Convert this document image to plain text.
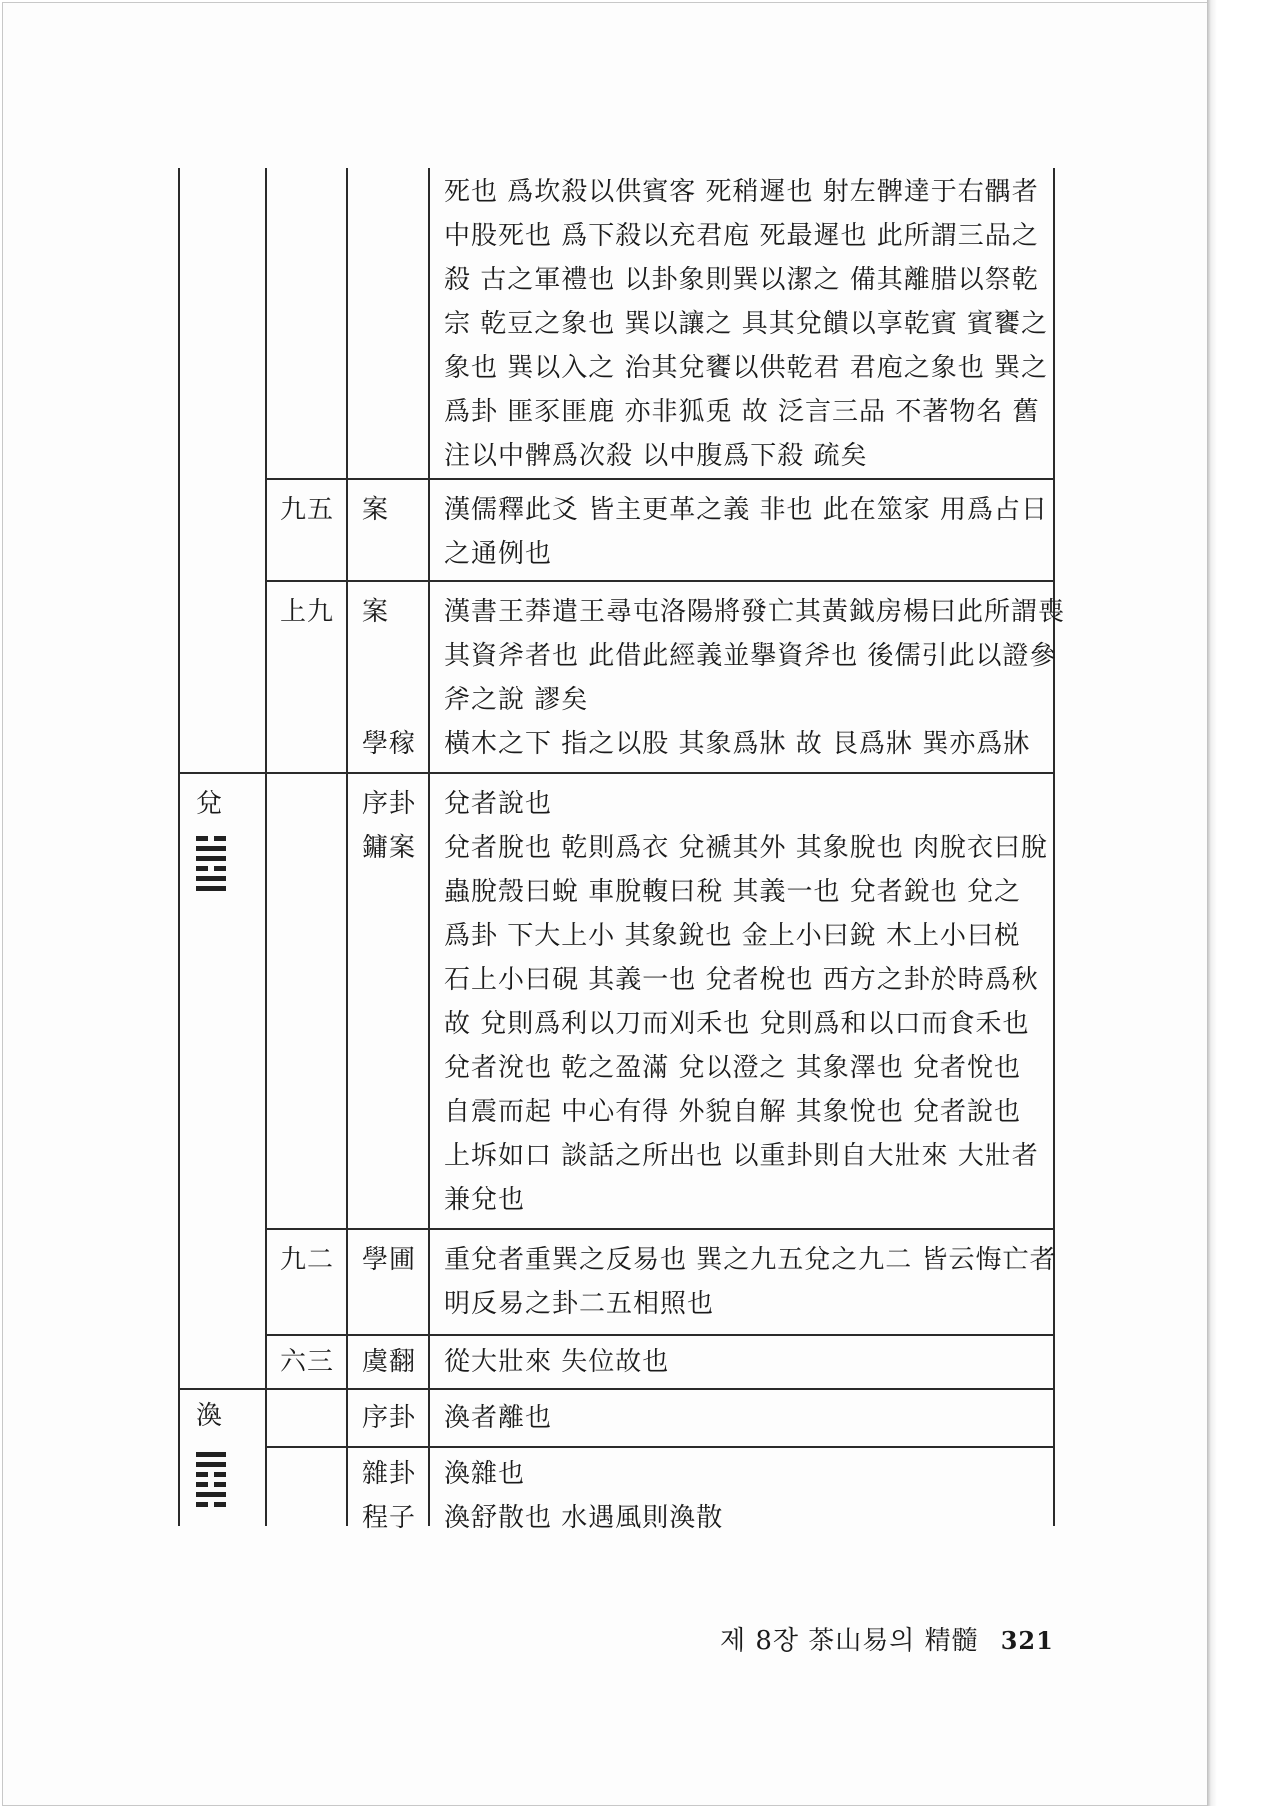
死也 爲坎殺以供賓客 死稍遲也 射左髀達于右髃者
中股死也 爲下殺以充君庖 死最遲也 此所謂三品之
殺 古之軍禮也 以卦象則巽以潔之 備其離腊以祭乾
宗 乾豆之象也 巽以讓之 具其兌饋以享乾賓 賓饔之
象也 巽以入之 治其兌饔以供乾君 君庖之象也 巽之
爲卦 匪豕匪鹿 亦非狐兎 故 泛言三品 不著物名 舊
注以中髀爲次殺 以中腹爲下殺 疏矣
九五 案 漢儒釋此爻 皆主更革之義 非也 此在筮家 用爲占日
之通例也
上九 案 漢書王莽遣王尋屯洛陽將發亡其黃鉞房楊曰此所謂喪
其資斧者也 此借此經義並擧資斧也 後儒引此以證參
斧之說 謬矣
學稼 橫木之下 指之以股 其象爲牀 故 艮爲牀 巽亦爲牀
兌	序卦
鏞案
兌者說也
兌者脫也 乾則爲衣 兌褫其外 其象脫也 肉脫衣曰脫
蟲脫殼曰蛻 車脫輹曰稅 其義一也 兌者銳也 兌之
爲卦 下大上小 其象銳也 金上小曰銳 木上小曰棁
石上小曰硯 其義一也 兌者梲也 西方之卦於時爲秋
故 兌則爲利以刀而刈禾也 兌則爲和以口而食禾也
兌者涗也 乾之盈滿 兌以澄之 其象澤也 兌者悅也
自震而起 中心有得 外貌自解 其象悅也 兌者說也
上坼如口 談話之所出也 以重卦則自大壯來 大壯者
兼兌也
九二 學圃 重兌者重巽之反易也 巽之九五兌之九二 皆云悔亡者
明反易之卦二五相照也
六三 虞翻 從大壯來 失位故也
渙	序卦 渙者離也
雜卦
程子
渙雜也
渙舒散也 水遇風則渙散
제 8장 茶山易의 精髓 321
